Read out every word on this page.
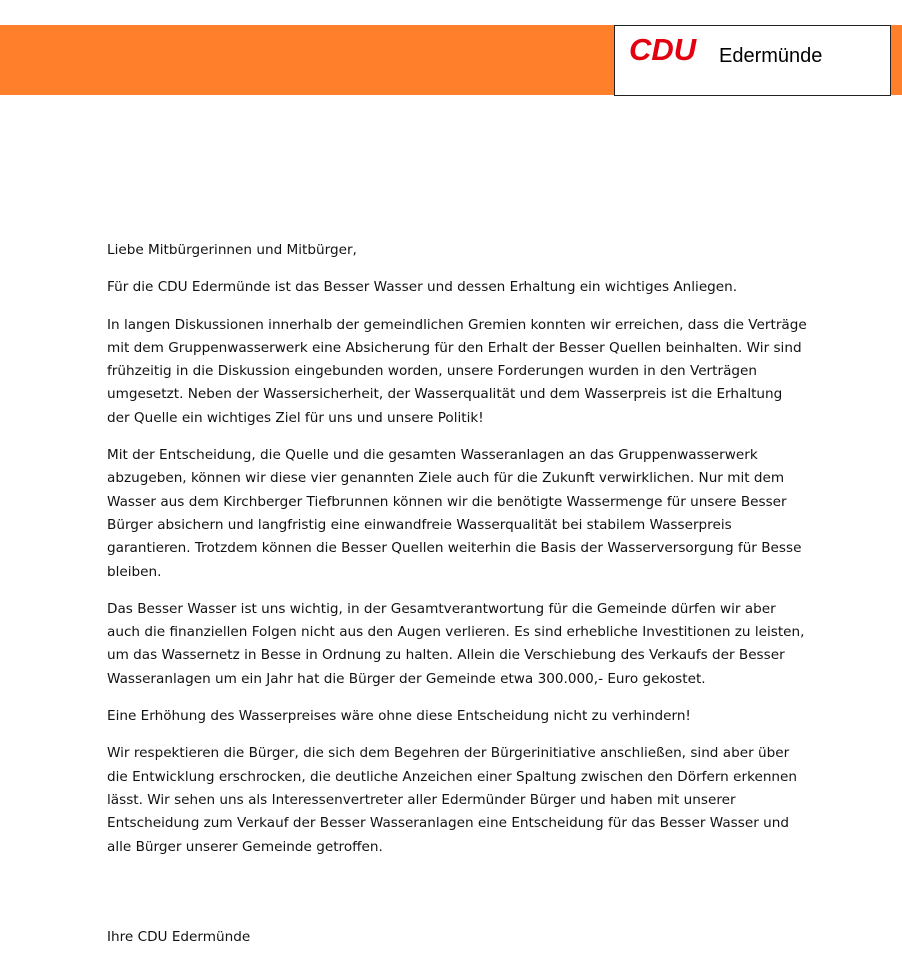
CDU Edermünde

Liebe Mitbürgerinnen und Mitbürger,

Für die CDU Edermünde ist das Besser Wasser und dessen Erhaltung ein wichtiges Anliegen.

In langen Diskussionen innerhalb der gemeindlichen Gremien konnten wir erreichen, dass die Verträge mit dem Gruppenwasserwerk eine Absicherung für den Erhalt der Besser Quellen beinhalten. Wir sind frühzeitig in die Diskussion eingebunden worden, unsere Forderungen wurden in den Verträgen umgesetzt. Neben der Wassersicherheit, der Wasserqualität und dem Wasserpreis ist die Erhaltung der Quelle ein wichtiges Ziel für uns und unsere Politik!

Mit der Entscheidung, die Quelle und die gesamten Wasseranlagen an das Gruppenwasserwerk abzugeben, können wir diese vier genannten Ziele auch für die Zukunft verwirklichen. Nur mit dem Wasser aus dem Kirchberger Tiefbrunnen können wir die benötigte Wassermenge für unsere Besser Bürger absichern und langfristig eine einwandfreie Wasserqualität bei stabilem Wasserpreis garantieren. Trotzdem können die Besser Quellen weiterhin die Basis der Wasserversorgung für Besse bleiben.

Das Besser Wasser ist uns wichtig, in der Gesamtverantwortung für die Gemeinde dürfen wir aber auch die finanziellen Folgen nicht aus den Augen verlieren. Es sind erhebliche Investitionen zu leisten, um das Wassernetz in Besse in Ordnung zu halten. Allein die Verschiebung des Verkaufs der Besser Wasseranlagen um ein Jahr hat die Bürger der Gemeinde etwa 300.000,- Euro gekostet.

Eine Erhöhung des Wasserpreises wäre ohne diese Entscheidung nicht zu verhindern!

Wir respektieren die Bürger, die sich dem Begehren der Bürgerinitiative anschließen, sind aber über die Entwicklung erschrocken, die deutliche Anzeichen einer Spaltung zwischen den Dörfern erkennen lässt. Wir sehen uns als Interessenvertreter aller Edermünder Bürger und haben mit unserer Entscheidung zum Verkauf der Besser Wasseranlagen eine Entscheidung für das Besser Wasser und alle Bürger unserer Gemeinde getroffen.

Ihre CDU Edermünde
